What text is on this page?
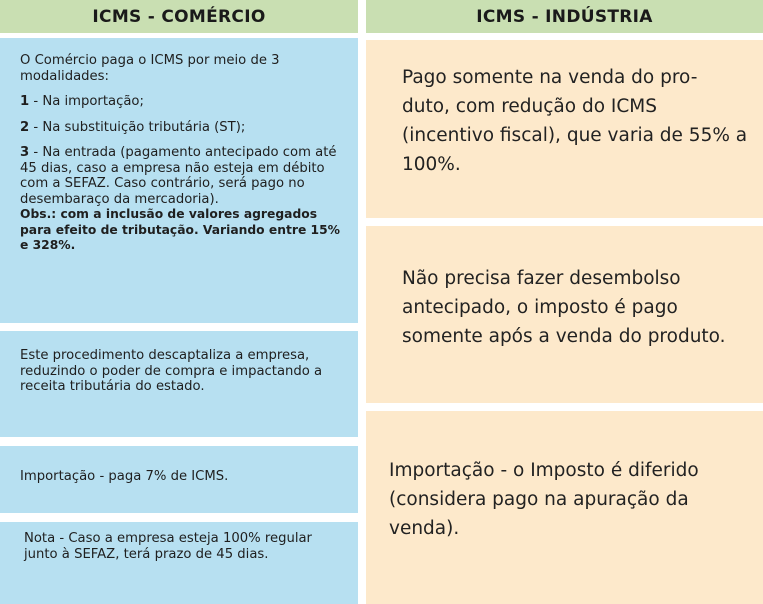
ICMS - COMÉRCIO	ICMS - INDÚSTRIA

O Comércio paga o ICMS por meio de 3 modalidades:

1 - Na importação;

2 - Na substituição tributária (ST);

3 - Na entrada (pagamento antecipado com até 45 dias, caso a empresa não esteja em débito com a SEFAZ. Caso contrário, será pago no desembaraço da mercadoria).

Obs.: com a inclusão de valores agregados para efeito de tributação. Variando entre 15% e 328%.

Este procedimento descaptaliza a empresa, reduzindo o poder de compra e impactando a receita tributária do estado.

Importação - paga 7% de ICMS.

Nota - Caso a empresa esteja 100% regular junto à SEFAZ, terá prazo de 45 dias.

Pago somente na venda do pro- duto, com redução do ICMS (incentivo fiscal), que varia de 55% a 100%.

Não precisa fazer desembolso antecipado, o imposto é pago somente após a venda do produto.

Importação - o Imposto é diferido (considera pago na apuração da venda).
